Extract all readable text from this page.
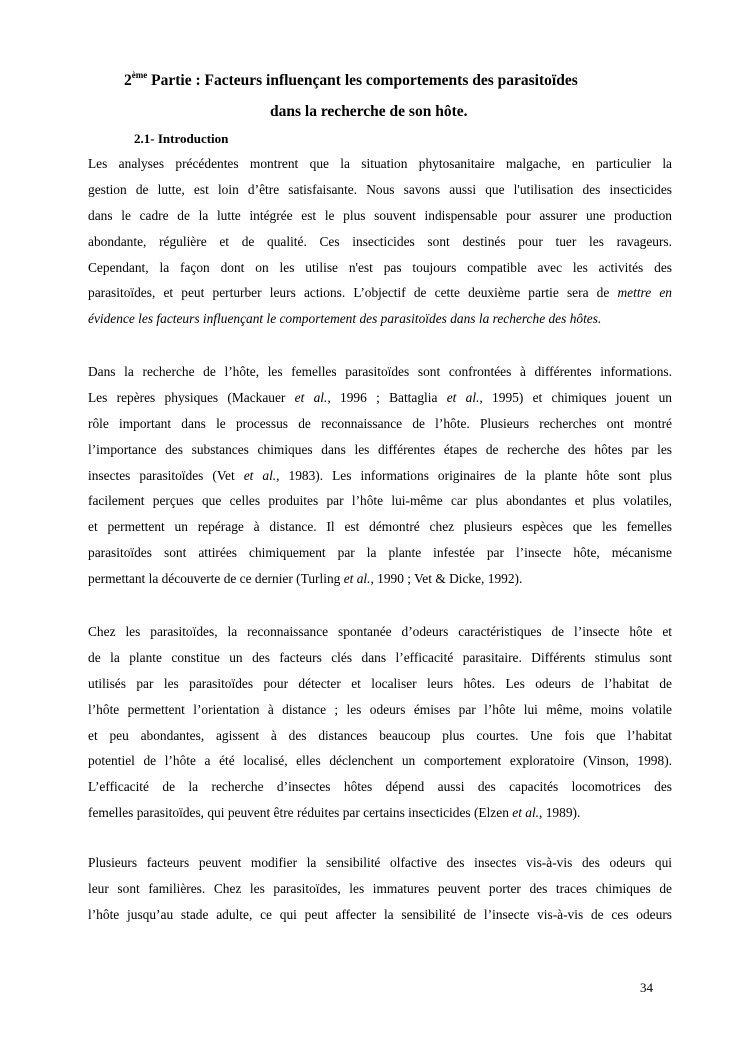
2ème Partie : Facteurs influençant les comportements des parasitoïdes
dans la recherche de son hôte.
2.1- Introduction
Les analyses précédentes montrent que la situation phytosanitaire malgache, en particulier la
gestion de lutte, est loin d’être satisfaisante. Nous savons aussi que l'utilisation des insecticides
dans le cadre de la lutte intégrée est le plus souvent indispensable pour assurer une production
abondante, régulière et de qualité. Ces insecticides sont destinés pour tuer les ravageurs.
Cependant, la façon dont on les utilise n'est pas toujours compatible avec les activités des
parasitoïdes, et peut perturber leurs actions. L’objectif de cette deuxième partie sera de mettre en
évidence les facteurs influençant le comportement des parasitoïdes dans la recherche des hôtes.
Dans la recherche de l’hôte, les femelles parasitoïdes sont confrontées à différentes informations.
Les repères physiques (Mackauer et al., 1996 ; Battaglia et al., 1995) et chimiques jouent un
rôle important dans le processus de reconnaissance de l’hôte. Plusieurs recherches ont montré
l’importance des substances chimiques dans les différentes étapes de recherche des hôtes par les
insectes parasitoïdes (Vet et al., 1983). Les informations originaires de la plante hôte sont plus
facilement perçues que celles produites par l’hôte lui-même car plus abondantes et plus volatiles,
et permettent un repérage à distance. Il est démontré chez plusieurs espèces que les femelles
parasitoïdes sont attirées chimiquement par la plante infestée par l’insecte hôte, mécanisme
permettant la découverte de ce dernier (Turling et al., 1990 ; Vet & Dicke, 1992).
Chez les parasitoïdes, la reconnaissance spontanée d’odeurs caractéristiques de l’insecte hôte et
de la plante constitue un des facteurs clés dans l’efficacité parasitaire. Différents stimulus sont
utilisés par les parasitoïdes pour détecter et localiser leurs hôtes. Les odeurs de l’habitat de
l’hôte permettent l’orientation à distance ; les odeurs émises par l’hôte lui même, moins volatile
et peu abondantes, agissent à des distances beaucoup plus courtes. Une fois que l’habitat
potentiel de l’hôte a été localisé, elles déclenchent un comportement exploratoire (Vinson, 1998).
L’efficacité de la recherche d’insectes hôtes dépend aussi des capacités locomotrices des
femelles parasitoïdes, qui peuvent être réduites par certains insecticides (Elzen et al., 1989).
Plusieurs facteurs peuvent modifier la sensibilité olfactive des insectes vis-à-vis des odeurs qui
leur sont familières. Chez les parasitoïdes, les immatures peuvent porter des traces chimiques de
l’hôte jusqu’au stade adulte, ce qui peut affecter la sensibilité de l’insecte vis-à-vis de ces odeurs
34
